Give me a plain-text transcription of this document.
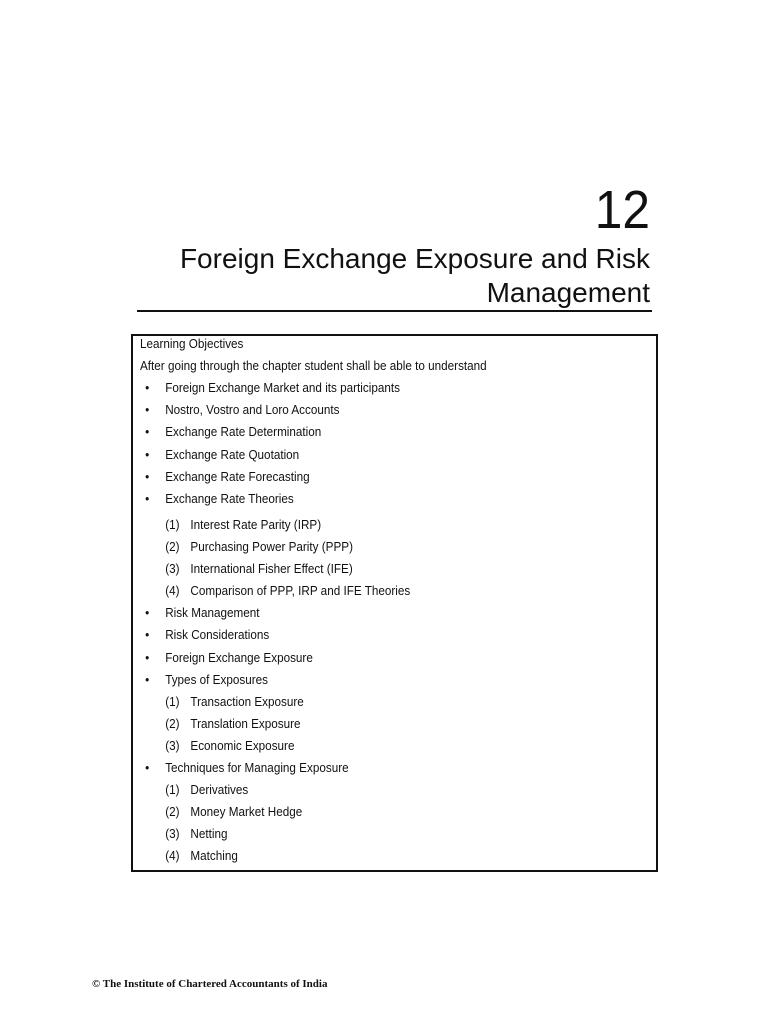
12
Foreign Exchange Exposure and Risk Management
Learning Objectives
After going through the chapter student shall be able to understand
•	Foreign Exchange Market and its participants
•	Nostro, Vostro and Loro Accounts
•	Exchange Rate Determination
•	Exchange Rate Quotation
•	Exchange Rate Forecasting
•	Exchange Rate Theories
(1) Interest Rate Parity (IRP)
(2) Purchasing Power Parity (PPP)
(3) International Fisher Effect (IFE)
(4) Comparison of PPP, IRP and IFE Theories
•	Risk Management
•	Risk Considerations
•	Foreign Exchange Exposure
•	Types of Exposures
(1) Transaction Exposure
(2) Translation Exposure
(3) Economic Exposure
•	Techniques for Managing Exposure
(1) Derivatives
(2) Money Market Hedge
(3) Netting
(4) Matching
© The Institute of Chartered Accountants of India
